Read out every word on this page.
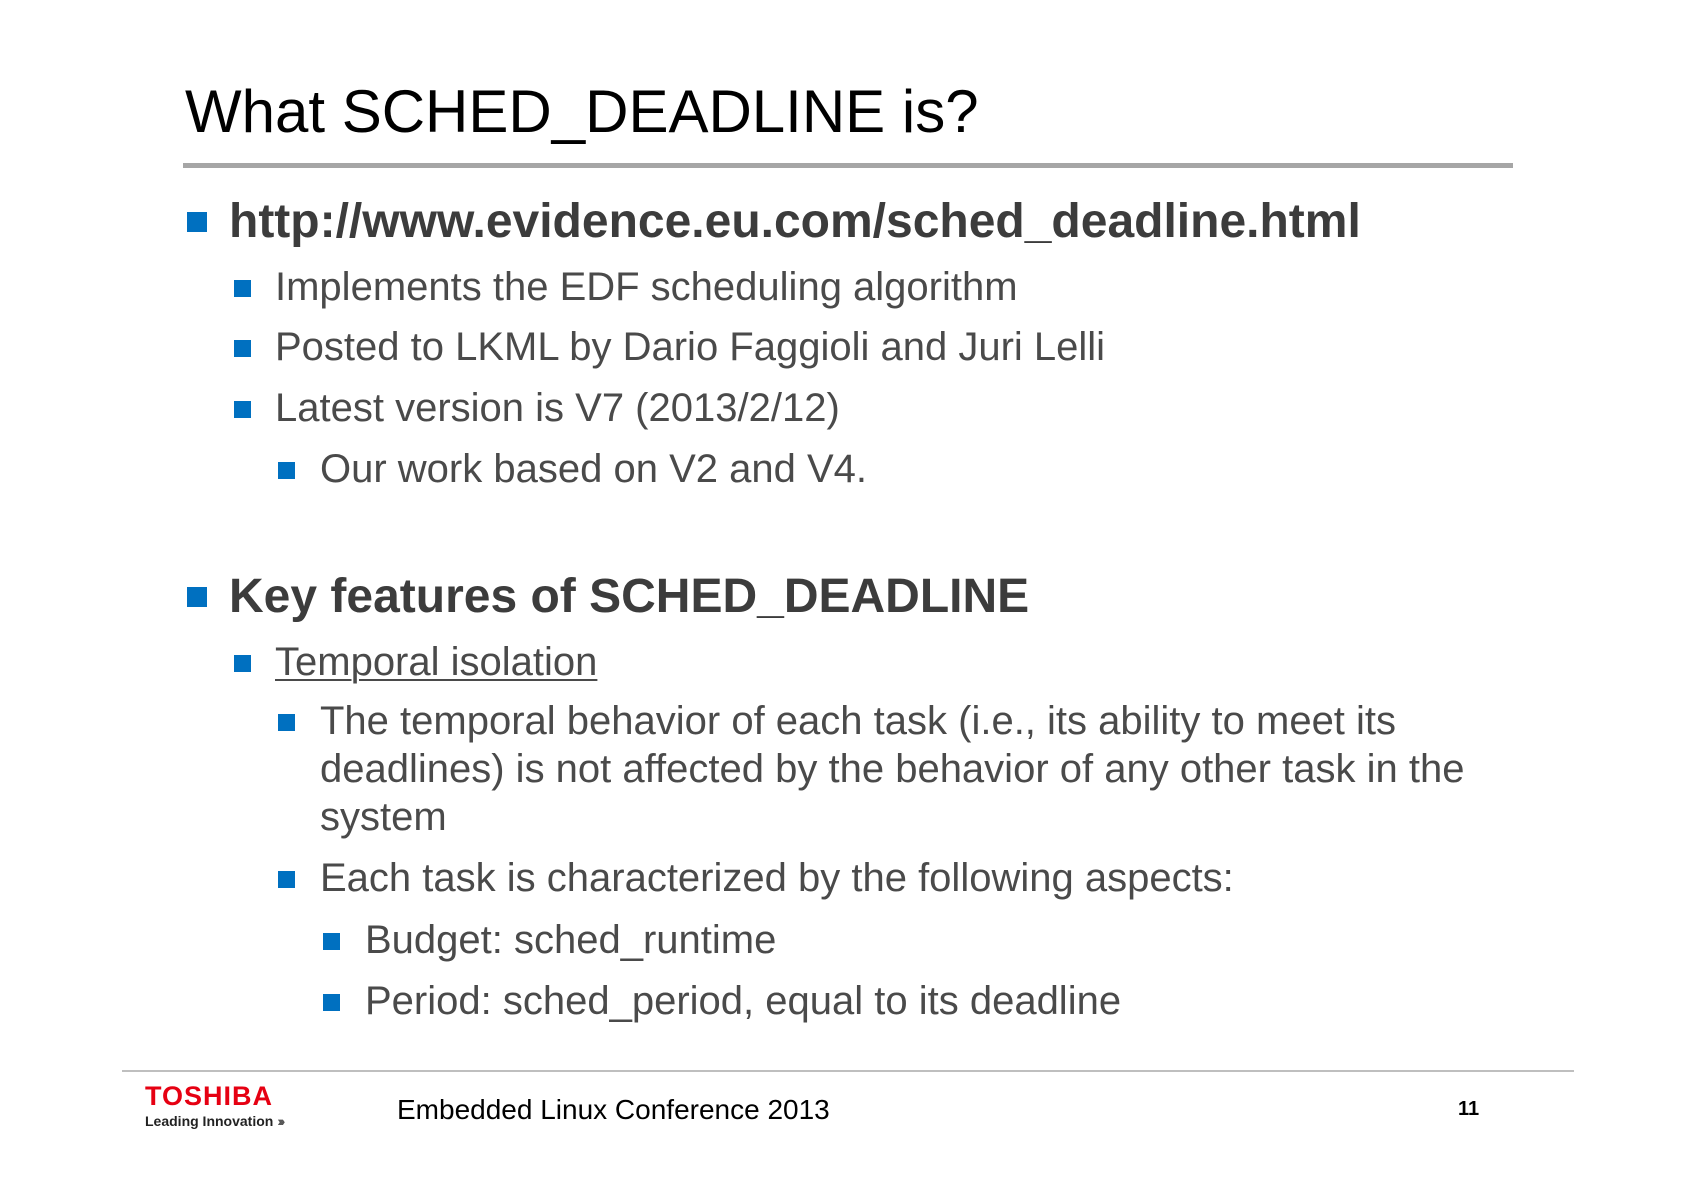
What SCHED_DEADLINE is?
http://www.evidence.eu.com/sched_deadline.html
Implements the EDF scheduling algorithm
Posted to LKML by Dario Faggioli and Juri Lelli
Latest version is V7 (2013/2/12)
Our work based on V2 and V4.
Key features of SCHED_DEADLINE
Temporal isolation
The temporal behavior of each task (i.e., its ability to meet its deadlines) is not affected by the behavior of any other task in the system
Each task is characterized by the following aspects:
Budget: sched_runtime
Period: sched_period, equal to its deadline
TOSHIBA
Leading Innovation ›››	Embedded Linux Conference 2013	11
